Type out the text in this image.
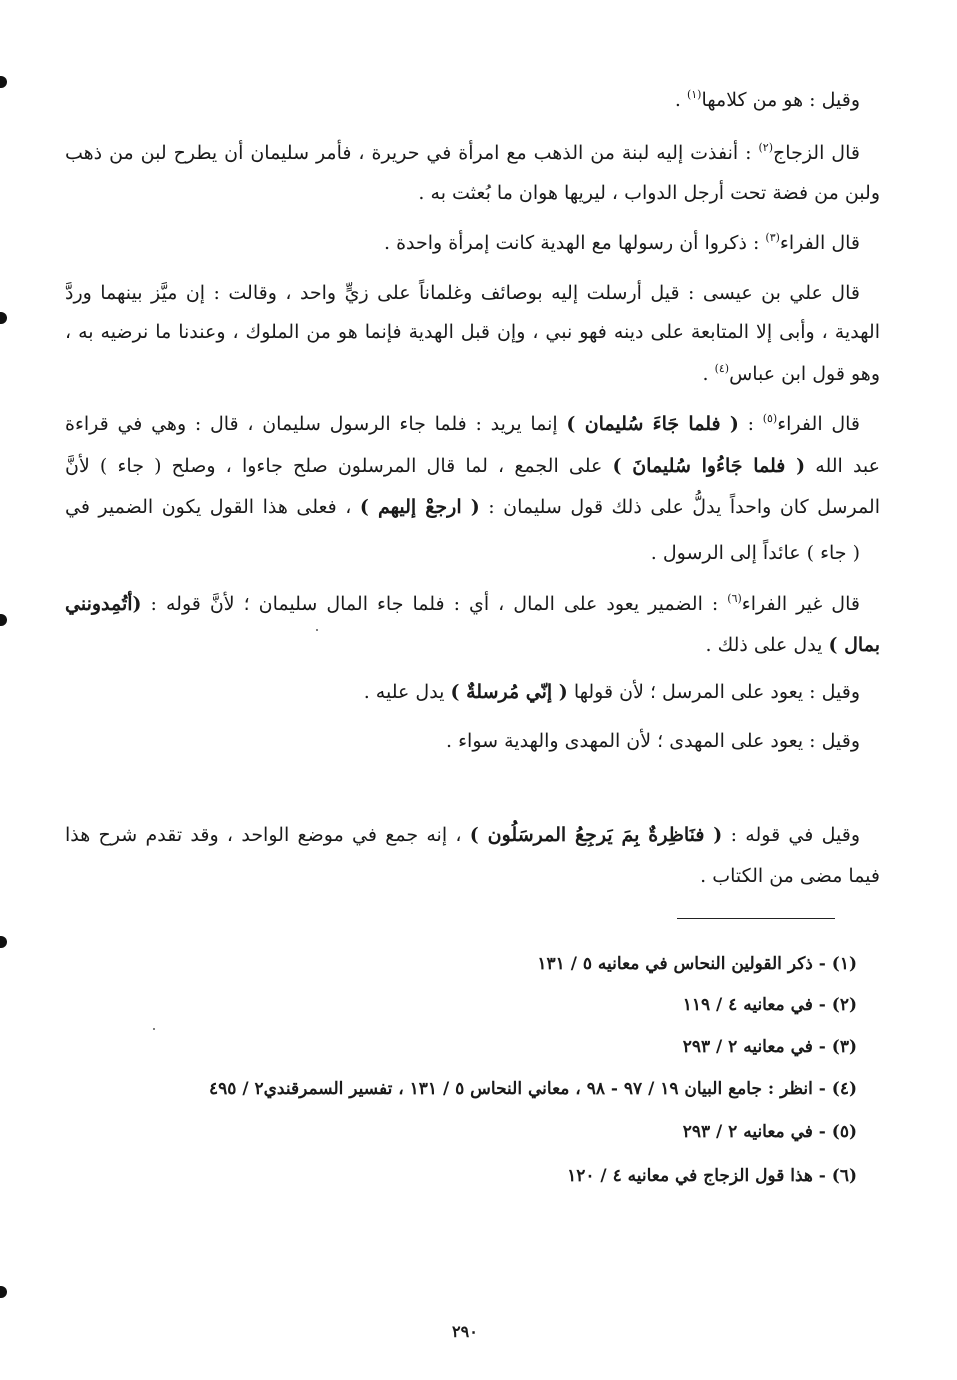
وقيل : هو من كلامها$^{(١)}$ .
قال الزجاج$^{(٢)}$ : أنفذت إليه لبنة من الذهب مع امرأة في حريرة ، فأمر سليمان أن يطرح لبن من ذهب
ولبن من فضة تحت أرجل الدواب ، ليريها هوان ما بُعثت به .
قال الفراء$^{(٣)}$ : ذكروا أن رسولها مع الهدية كانت إمرأة واحدة .
قال علي بن عيسى : قيل أرسلت إليه بوصائف وغلماناً على زيٍّ واحد ، وقالت : إن ميَّز بينهما وردَّ
الهدية ، وأبى إلا المتابعة على دينه فهو نبي ، وإن قبل الهدية فإنما هو من الملوك ، وعندنا ما نرضيه به ،
وهو قول ابن عباس$^{(٤)}$ .
قال الفراء$^{(٥)}$ : ( فلما جَاءَ سُليمان ) إنما يريد : فلما جاء الرسول سليمان ، قال : وهي في قراءة
عبد الله ( فلما جَاءُوا سُليمانَ ) على الجمع ، لما قال المرسلون صلح جاءوا ، وصلح ( جاء ) لأنَّ
المرسل كان واحداً يدلُّ على ذلك قول سليمان : ( ارجعْ إليهم ) ، فعلى هذا القول يكون الضمير في
( جاء ) عائداً إلى الرسول .
قال غير الفراء$^{(٦)}$ : الضمير يعود على المال ، أي : فلما جاء المال سليمان ؛ لأنَّ قوله : (أتُمِدونني
بمال ) يدل على ذلك .
وقيل : يعود على المرسل ؛ لأن قولها ( إنّي مُرسلةٌ ) يدل عليه .
وقيل : يعود على المهدى ؛ لأن المهدى والهدية سواء .
وقيل في قوله : ( فنَاظِرةٌ بِمَ يَرجِعُ المرسَلُون ) ، إنه جمع في موضع الواحد ، وقد تقدم شرح هذا
فيما مضى من الكتاب .
(١) - ذكر القولين النحاس في معانيه ٥ / ١٣١
(٢) - في معانيه ٤ / ١١٩
(٣) - في معانيه ٢ / ٢٩٣
(٤) - انظر : جامع البيان ١٩ / ٩٧ - ٩٨ ، معاني النحاس ٥ / ١٣١ ، تفسير السمرقندي٢ / ٤٩٥
(٥) - في معانيه ٢ / ٢٩٣
(٦) - هذا قول الزجاج في معانيه ٤ / ١٢٠
٢٩٠
